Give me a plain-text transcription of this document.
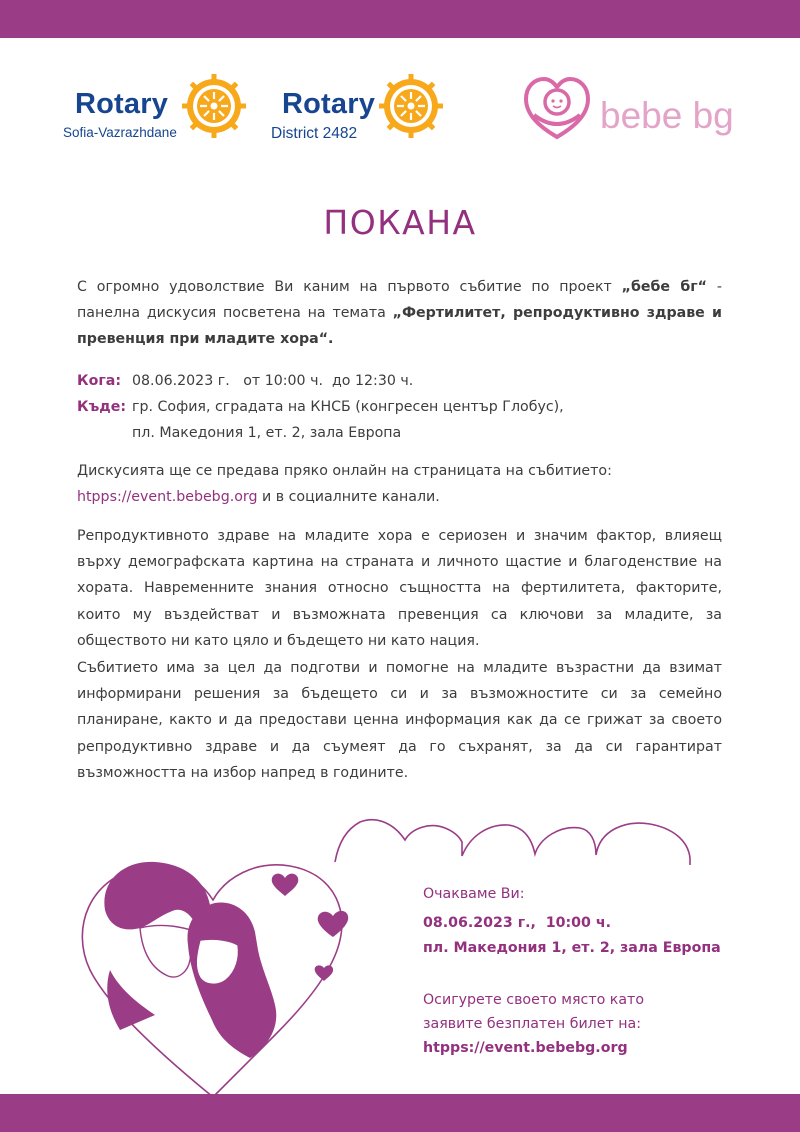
Rotary
Sofia-Vazrazhdane
Rotary
District 2482	bebe bg
ПОКАНА

С огромно удоволствие Ви каним на първото събитие по проект „бебе бг“ - панелна дискусия посветена на темата „Фертилитет, репродуктивно здраве и превенция при младите хора“.

Кога: 08.06.2023 г.   от 10:00 ч.  до 12:30 ч.
Къде: гр. София, сградата на КНСБ (конгресен център Глобус),
пл. Македония 1, ет. 2, зала Европа
Дискусията ще се предава пряко онлайн на страницата на събитието:
htpps://event.bebebg.org и в социалните канали.

Репродуктивното здраве на младите хора е сериозен и значим фактор, влияещ върху демографската картина на страната и личното щастие и благоденствие на хората. Навременните знания относно същността на фертилитета, факторите, които му въздействат и възможната превенция са ключови за младите, за обществото ни като цяло и бъдещето ни като нация.

Събитието има за цел да подготви и помогне на младите възрастни да взимат информирани решения за бъдещето си и за възможностите си за семейно планиране, както и да предостави ценна информация как да се грижат за своето репродуктивно здраве и да съумеят да го съхранят, за да си гарантират възможността на избор напред в годините.

Очакваме Ви:
08.06.2023 г.,  10:00 ч.
пл. Македония 1, ет. 2, зала Европа
Осигурете своето място като
заявите безплатен билет на:
htpps://event.bebebg.org
